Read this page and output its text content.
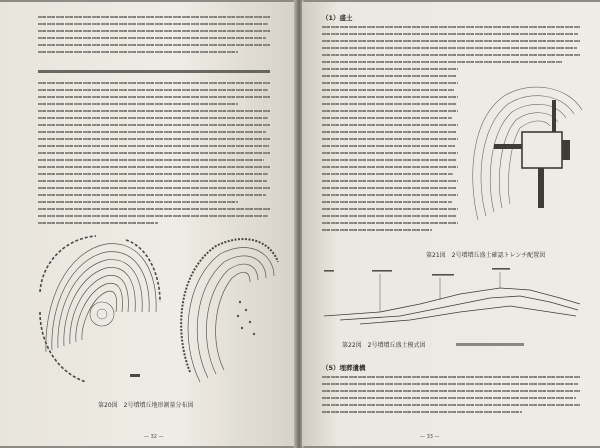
第20図　2号墳墳丘地形測量分布図
— 32 —
（1）盛土
第21図　2号墳墳丘盛土確認トレンチ配置図
第22図　2号墳墳丘盛土模式図
（5）埋葬遺構
— 33 —
